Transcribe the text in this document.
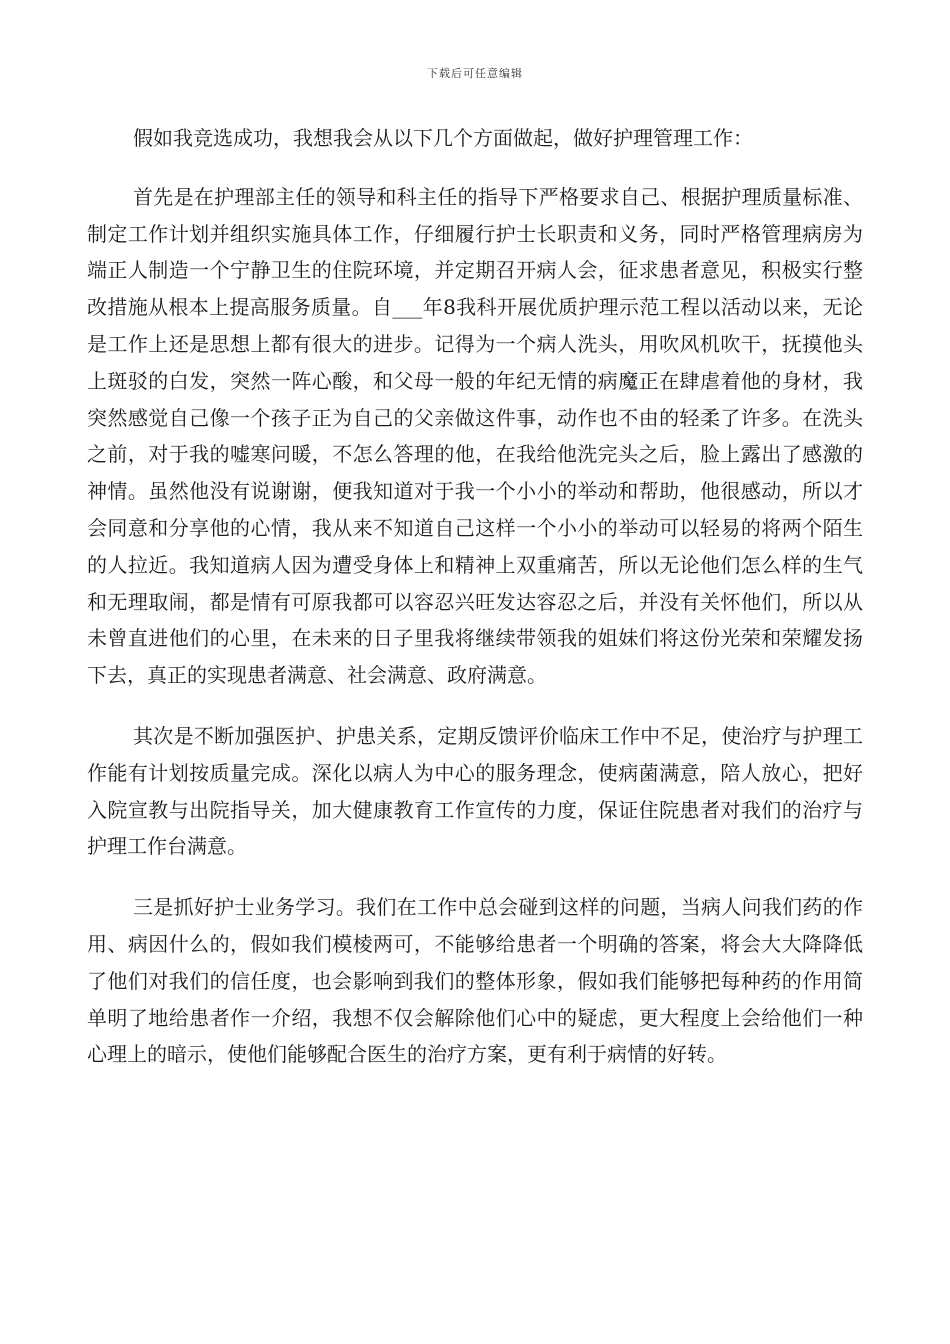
下载后可任意编辑

假如我竞选成功，我想我会从以下几个方面做起，做好护理管理工作：

首先是在护理部主任的领导和科主任的指导下严格要求自己、根据护理质量标准、制定工作计划并组织实施具体工作，仔细履行护士长职责和义务，同时严格管理病房为端正人制造一个宁静卫生的住院环境，并定期召开病人会，征求患者意见，积极实行整改措施从根本上提高服务质量。自___年8我科开展优质护理示范工程以活动以来，无论是工作上还是思想上都有很大的进步。记得为一个病人洗头，用吹风机吹干，抚摸他头上斑驳的白发，突然一阵心酸，和父母一般的年纪无情的病魔正在肆虐着他的身材，我突然感觉自己像一个孩子正为自己的父亲做这件事，动作也不由的轻柔了许多。在洗头之前，对于我的嘘寒问暖，不怎么答理的他，在我给他洗完头之后，脸上露出了感激的神情。虽然他没有说谢谢，便我知道对于我一个小小的举动和帮助，他很感动，所以才会同意和分享他的心情，我从来不知道自己这样一个小小的举动可以轻易的将两个陌生的人拉近。我知道病人因为遭受身体上和精神上双重痛苦，所以无论他们怎么样的生气和无理取闹，都是情有可原我都可以容忍兴旺发达容忍之后，并没有关怀他们，所以从未曾直进他们的心里，在未来的日子里我将继续带领我的姐妹们将这份光荣和荣耀发扬下去，真正的实现患者满意、社会满意、政府满意。

其次是不断加强医护、护患关系，定期反馈评价临床工作中不足，使治疗与护理工作能有计划按质量完成。深化以病人为中心的服务理念，使病菌满意，陪人放心，把好入院宣教与出院指导关，加大健康教育工作宣传的力度，保证住院患者对我们的治疗与护理工作台满意。

三是抓好护士业务学习。我们在工作中总会碰到这样的问题，当病人问我们药的作用、病因什么的，假如我们模棱两可，不能够给患者一个明确的答案，将会大大降降低了他们对我们的信任度，也会影响到我们的整体形象，假如我们能够把每种药的作用简单明了地给患者作一介绍，我想不仅会解除他们心中的疑虑，更大程度上会给他们一种心理上的暗示，使他们能够配合医生的治疗方案，更有利于病情的好转。
